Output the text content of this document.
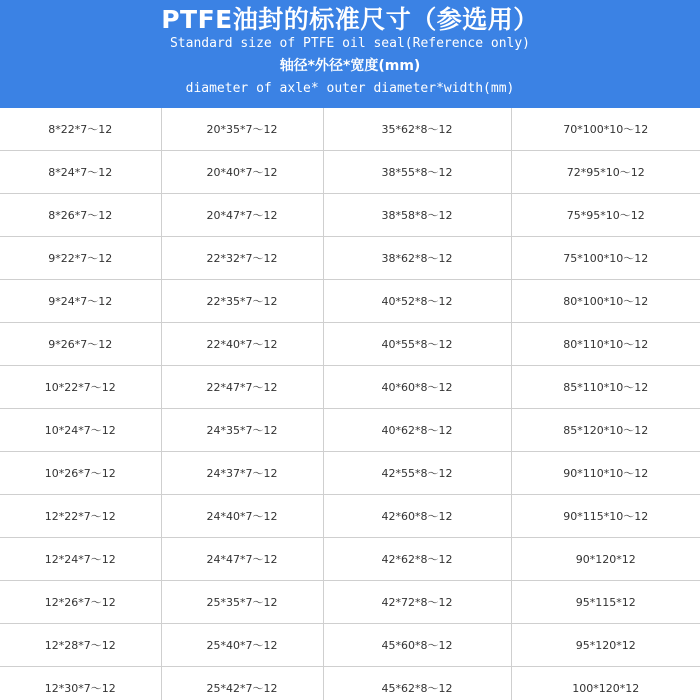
PTFE油封的标准尺寸（参选用）
Standard size of PTFE oil seal(Reference only)
轴径*外径*宽度(mm)
diameter of axle* outer diameter*width(mm)
8*22*7～12	20*35*7～12	35*62*8～12	70*100*10～12
8*24*7～12	20*40*7～12	38*55*8～12	72*95*10～12
8*26*7～12	20*47*7～12	38*58*8～12	75*95*10～12
9*22*7～12	22*32*7～12	38*62*8～12	75*100*10～12
9*24*7～12	22*35*7～12	40*52*8～12	80*100*10～12
9*26*7～12	22*40*7～12	40*55*8～12	80*110*10～12
10*22*7～12	22*47*7～12	40*60*8～12	85*110*10～12
10*24*7～12	24*35*7～12	40*62*8～12	85*120*10～12
10*26*7～12	24*37*7～12	42*55*8～12	90*110*10～12
12*22*7～12	24*40*7～12	42*60*8～12	90*115*10～12
12*24*7～12	24*47*7～12	42*62*8～12	90*120*12
12*26*7～12	25*35*7～12	42*72*8～12	95*115*12
12*28*7～12	25*40*7～12	45*60*8～12	95*120*12
12*30*7～12	25*42*7～12	45*62*8～12	100*120*12
